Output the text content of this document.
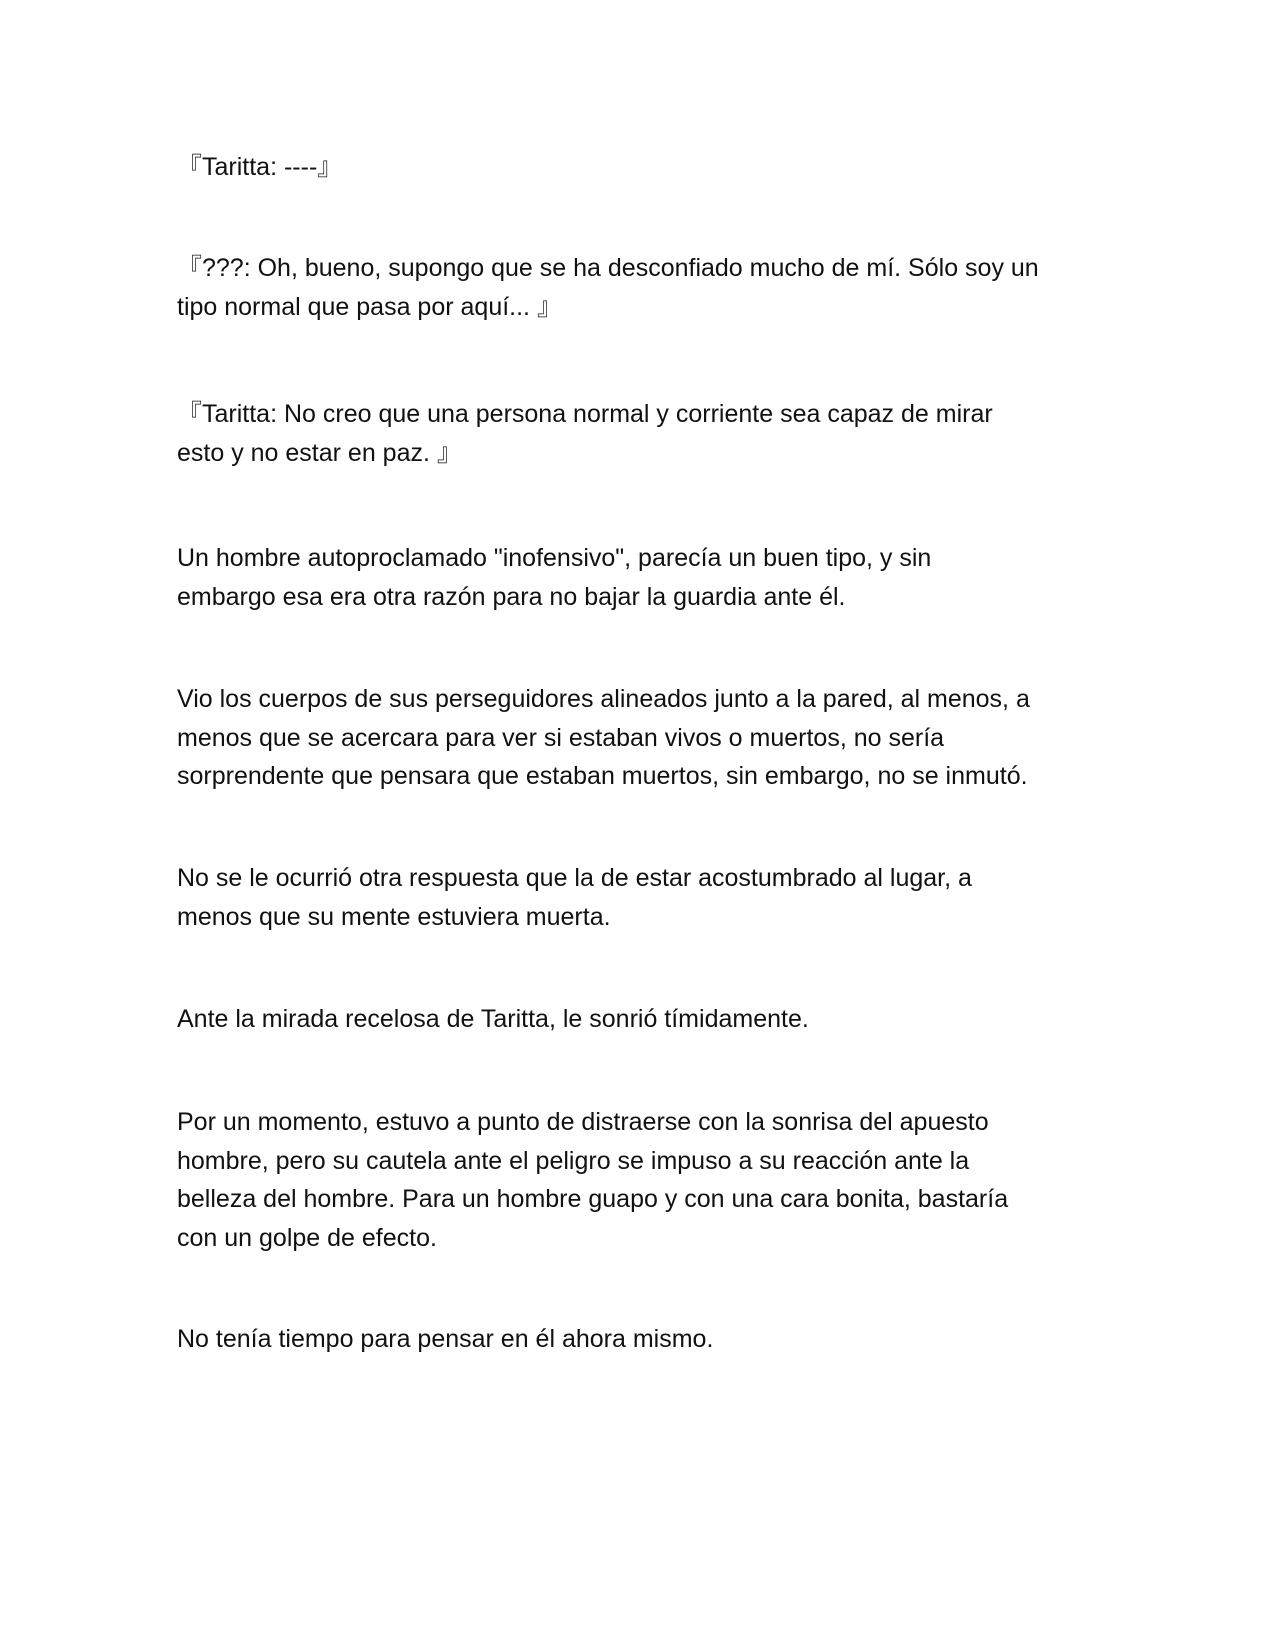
『Taritta: ----』

『???: Oh, bueno, supongo que se ha desconfiado mucho de mí. Sólo soy un
tipo normal que pasa por aquí... 』

『Taritta: No creo que una persona normal y corriente sea capaz de mirar
esto y no estar en paz. 』

Un hombre autoproclamado "inofensivo", parecía un buen tipo, y sin
embargo esa era otra razón para no bajar la guardia ante él.

Vio los cuerpos de sus perseguidores alineados junto a la pared, al menos, a
menos que se acercara para ver si estaban vivos o muertos, no sería
sorprendente que pensara que estaban muertos, sin embargo, no se inmutó.

No se le ocurrió otra respuesta que la de estar acostumbrado al lugar, a
menos que su mente estuviera muerta.

Ante la mirada recelosa de Taritta, le sonrió tímidamente.

Por un momento, estuvo a punto de distraerse con la sonrisa del apuesto
hombre, pero su cautela ante el peligro se impuso a su reacción ante la
belleza del hombre. Para un hombre guapo y con una cara bonita, bastaría
con un golpe de efecto.

No tenía tiempo para pensar en él ahora mismo.
